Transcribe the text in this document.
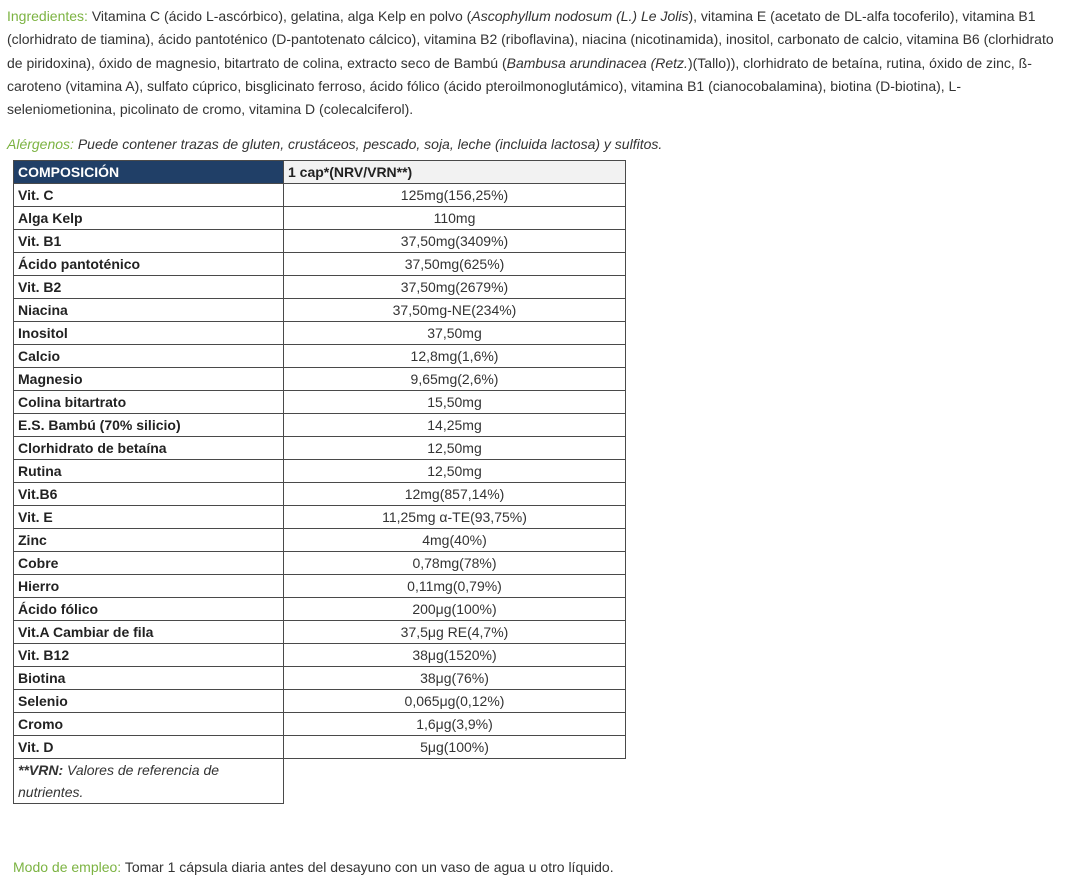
Ingredientes: Vitamina C (ácido L-ascórbico), gelatina, alga Kelp en polvo (Ascophyllum nodosum (L.) Le Jolis), vitamina E (acetato de DL-alfa tocoferilo), vitamina B1 (clorhidrato de tiamina), ácido pantoténico (D-pantotenato cálcico), vitamina B2 (riboflavina), niacina (nicotinamida), inositol, carbonato de calcio, vitamina B6 (clorhidrato de piridoxina), óxido de magnesio, bitartrato de colina, extracto seco de Bambú (Bambusa arundinacea (Retz.)(Tallo)), clorhidrato de betaína, rutina, óxido de zinc, ß-caroteno (vitamina A), sulfato cúprico, bisglicinato ferroso, ácido fólico (ácido pteroilmonoglutámico), vitamina B1 (cianocobalamina), biotina (D-biotina), L-seleniometionina, picolinato de cromo, vitamina D (colecalciferol).

Alérgenos: Puede contener trazas de gluten, crustáceos, pescado, soja, leche (incluida lactosa) y sulfitos.

COMPOSICIÓN	1 cap*(NRV/VRN**)
Vit. C	125mg(156,25%)
Alga Kelp	110mg
Vit. B1	37,50mg(3409%)
Ácido pantoténico	37,50mg(625%)
Vit. B2	37,50mg(2679%)
Niacina	37,50mg-NE(234%)
Inositol	37,50mg
Calcio	12,8mg(1,6%)
Magnesio	9,65mg(2,6%)
Colina bitartrato	15,50mg
E.S. Bambú (70% silicio)	14,25mg
Clorhidrato de betaína	12,50mg
Rutina	12,50mg
Vit.B6	12mg(857,14%)
Vit. E	11,25mg α-TE(93,75%)
Zinc	4mg(40%)
Cobre	0,78mg(78%)
Hierro	0,11mg(0,79%)
Ácido fólico	200μg(100%)
Vit.A Cambiar de fila	37,5μg RE(4,7%)
Vit. B12	38μg(1520%)
Biotina	38μg(76%)
Selenio	0,065μg(0,12%)
Cromo	1,6μg(3,9%)
Vit. D	5μg(100%)
**VRN: Valores de referencia de nutrientes.	

Modo de empleo: Tomar 1 cápsula diaria antes del desayuno con un vaso de agua u otro líquido.
